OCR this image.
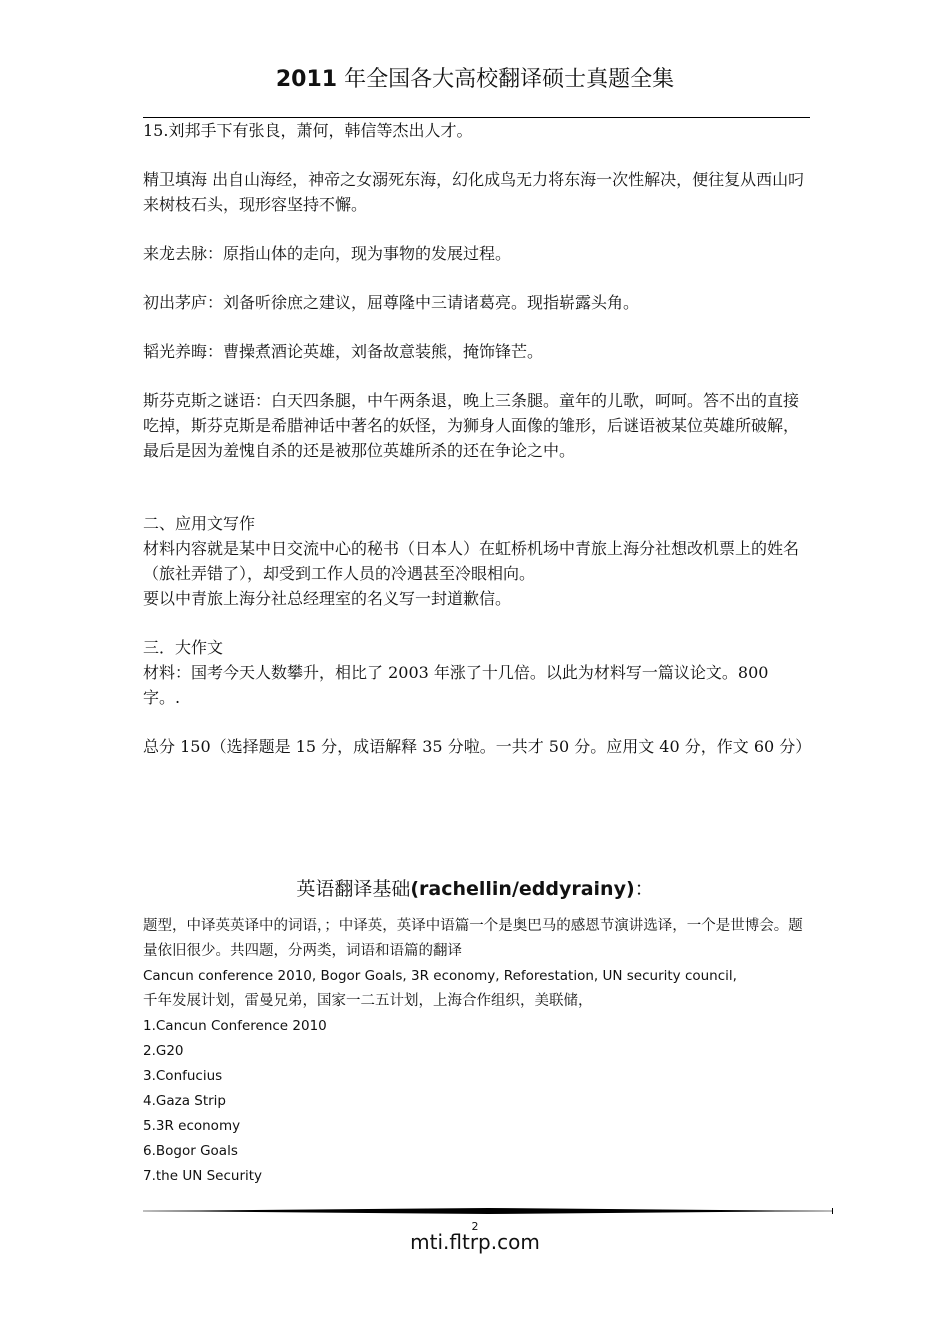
2011 年全国各大高校翻译硕士真题全集

15.刘邦手下有张良，萧何，韩信等杰出人才。

精卫填海 出自山海经，神帝之女溺死东海，幻化成鸟无力将东海一次性解决，便往复从西山叼来树枝石头，现形容坚持不懈。

来龙去脉：原指山体的走向，现为事物的发展过程。

初出茅庐：刘备听徐庶之建议，屈尊隆中三请诸葛亮。现指崭露头角。

韬光养晦：曹操煮酒论英雄，刘备故意装熊，掩饰锋芒。

斯芬克斯之谜语：白天四条腿，中午两条退，晚上三条腿。童年的儿歌，呵呵。答不出的直接吃掉，斯芬克斯是希腊神话中著名的妖怪，为狮身人面像的雏形，后谜语被某位英雄所破解，最后是因为羞愧自杀的还是被那位英雄所杀的还在争论之中。

二、应用文写作

材料内容就是某中日交流中心的秘书（日本人）在虹桥机场中青旅上海分社想改机票上的姓名（旅社弄错了），却受到工作人员的冷遇甚至冷眼相向。

要以中青旅上海分社总经理室的名义写一封道歉信。

三．大作文

材料：国考今天人数攀升，相比了 2003 年涨了十几倍。以此为材料写一篇议论文。800 字。.

总分 150（选择题是 15 分，成语解释 35 分啦。一共才 50 分。应用文 40 分，作文 60 分）

英语翻译基础(rachellin/eddyrainy)：

题型，中译英英译中的词语，；中译英，英译中语篇一个是奥巴马的感恩节演讲选译，一个是世博会。题量依旧很少。共四题，分两类，词语和语篇的翻译

Cancun conference 2010, Bogor Goals, 3R economy, Reforestation, UN security council,

千年发展计划，雷曼兄弟，国家一二五计划，上海合作组织，美联储，

1.Cancun Conference 2010

2.G20

3.Confucius

4.Gaza Strip

5.3R economy

6.Bogor Goals

7.the UN Security

2
mti.fltrp.com
